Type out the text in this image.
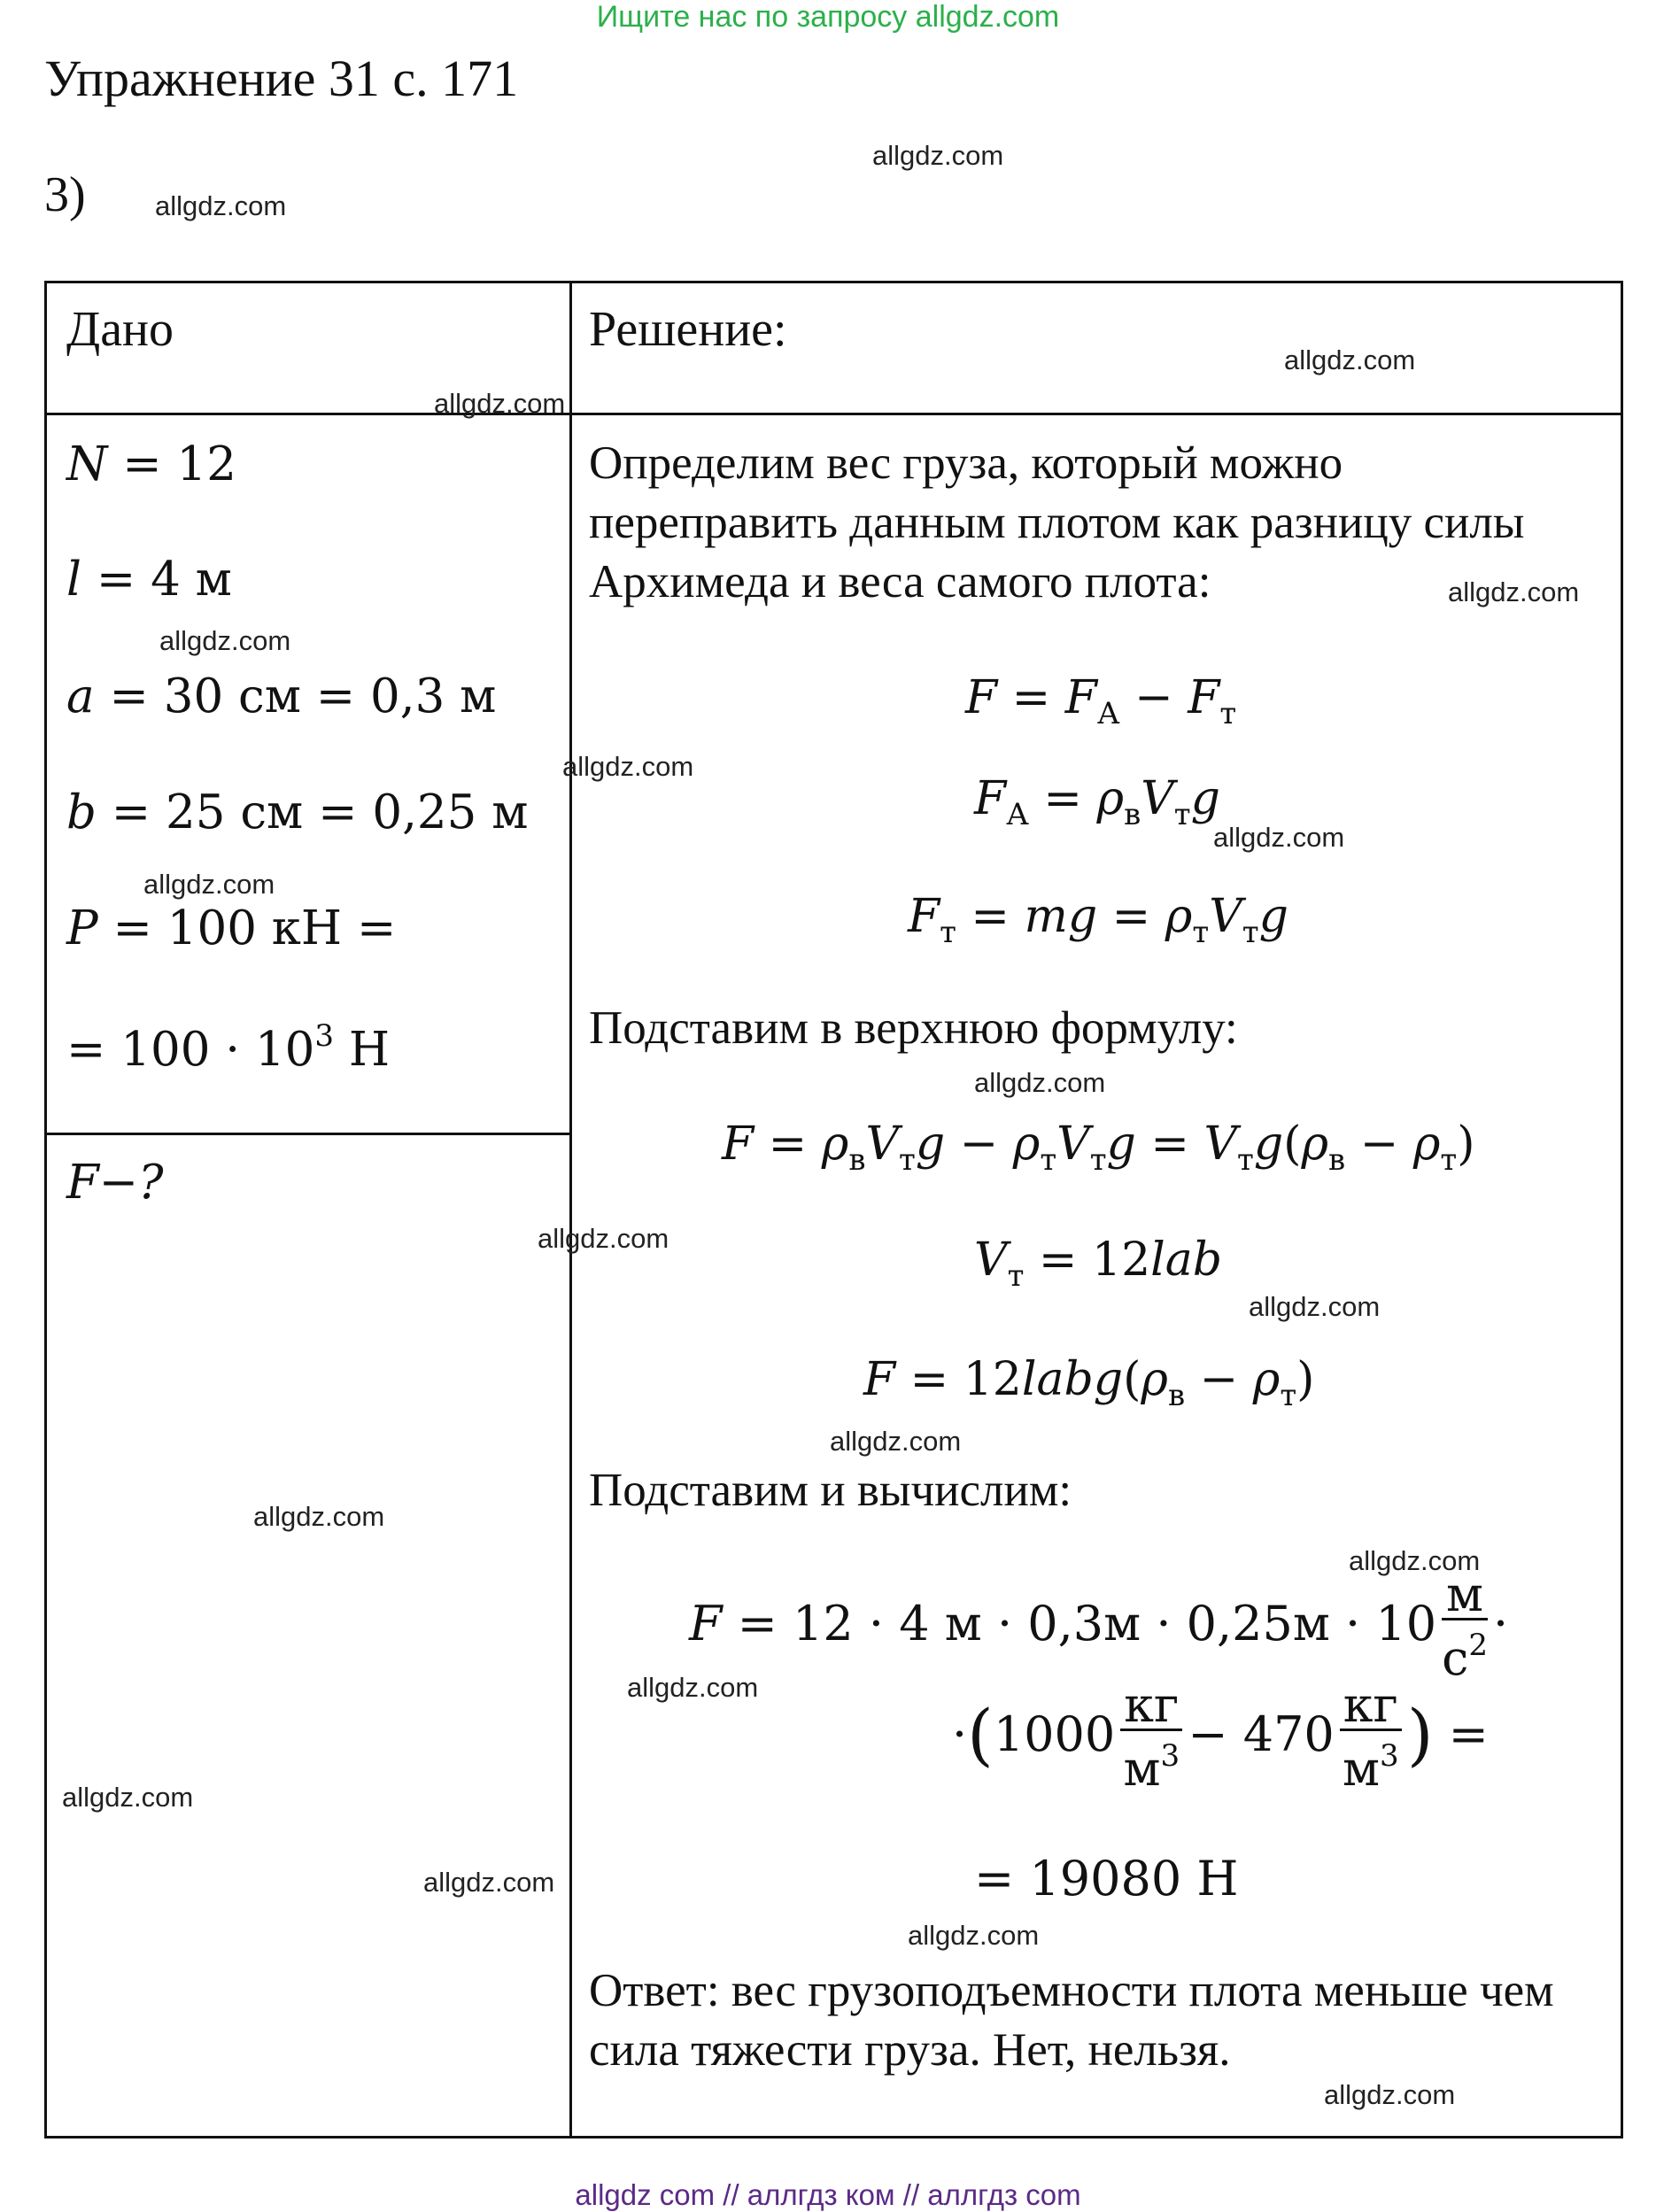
Ищите нас по запросу allgdz.com
Упражнение 31 с. 171
3)
Дано	Решение:
N = 12
l = 4 м
a = 30 см = 0,3 м
b = 25 см = 0,25 м
P = 100 кН =
= $100 \cdot 10^3$ Н
F−?
Определим вес груза, который можно переправить данным плотом как разницу силы Архимеда и веса самого плота:
$F = F_А - F_т$
$F_А = \rho_вV_тg$
$F_т$ = mg = $\rho_тV_тg$
Подставим в верхнюю формулу:
$F = \rho_вV_тg - \rho_тV_тg = V_тg(\rho_в - \rho_т)$
$V_т = 12lab$
$F = 12labg(\rho_в - \rho_т)$
Подставим и вычислим:
F = 12 · 4 $м \cdot 0,3м \cdot 0,25м \cdot 10 \frac{м}{с^2}$ ·
$\cdot(1000 \frac{кг}{м^3} - 470 \frac{кг}{м^3}$ ) =
= 19080 Н
Ответ: вес грузоподъемности плота меньше чем сила тяжести груза. Нет, нельзя.
allgdz.com
allgdz.com
allgdz.com
allgdz.com
allgdz.com
allgdz.com
allgdz.com
allgdz.com
allgdz.com
allgdz.com
allgdz.com
allgdz.com
allgdz.com
allgdz.com
allgdz.com
allgdz.com
allgdz.com
allgdz.com
allgdz.com
allgdz.com
allgdz com // аллгдз ком // аллгдз com
